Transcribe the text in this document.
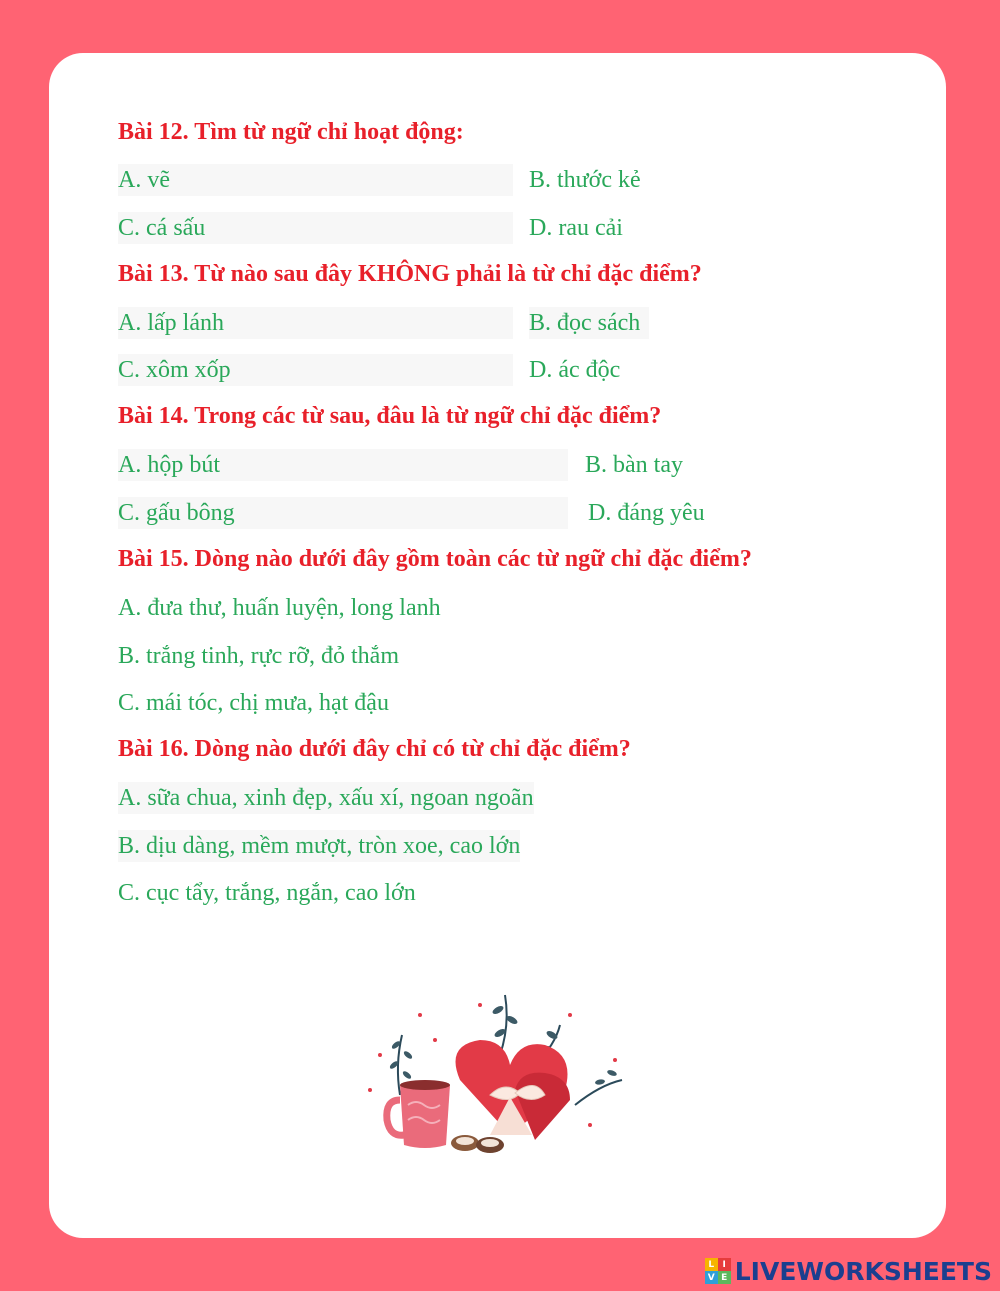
Bài 12. Tìm từ ngữ chỉ hoạt động:
A. vẽ	B. thước kẻ
C. cá sấu	D. rau cải
Bài 13. Từ nào sau đây KHÔNG phải là từ chỉ đặc điểm?
A. lấp lánh	B. đọc sách
C. xôm xốp	D. ác độc
Bài 14. Trong các từ sau, đâu là từ ngữ chỉ đặc điểm?
A. hộp bút	B. bàn tay
C. gấu bông	D. đáng yêu
Bài 15. Dòng nào dưới đây gồm toàn các từ ngữ chỉ đặc điểm?
A. đưa thư, huấn luyện, long lanh
B. trắng tinh, rực rỡ, đỏ thắm
C. mái tóc, chị mưa, hạt đậu
Bài 16. Dòng nào dưới đây chỉ có từ chỉ đặc điểm?
A. sữa chua, xinh đẹp, xấu xí, ngoan ngoãn
B. dịu dàng, mềm mượt, tròn xoe, cao lớn
C. cục tẩy, trắng, ngắn, cao lớn
L I
V E LIVEWORKSHEETS
